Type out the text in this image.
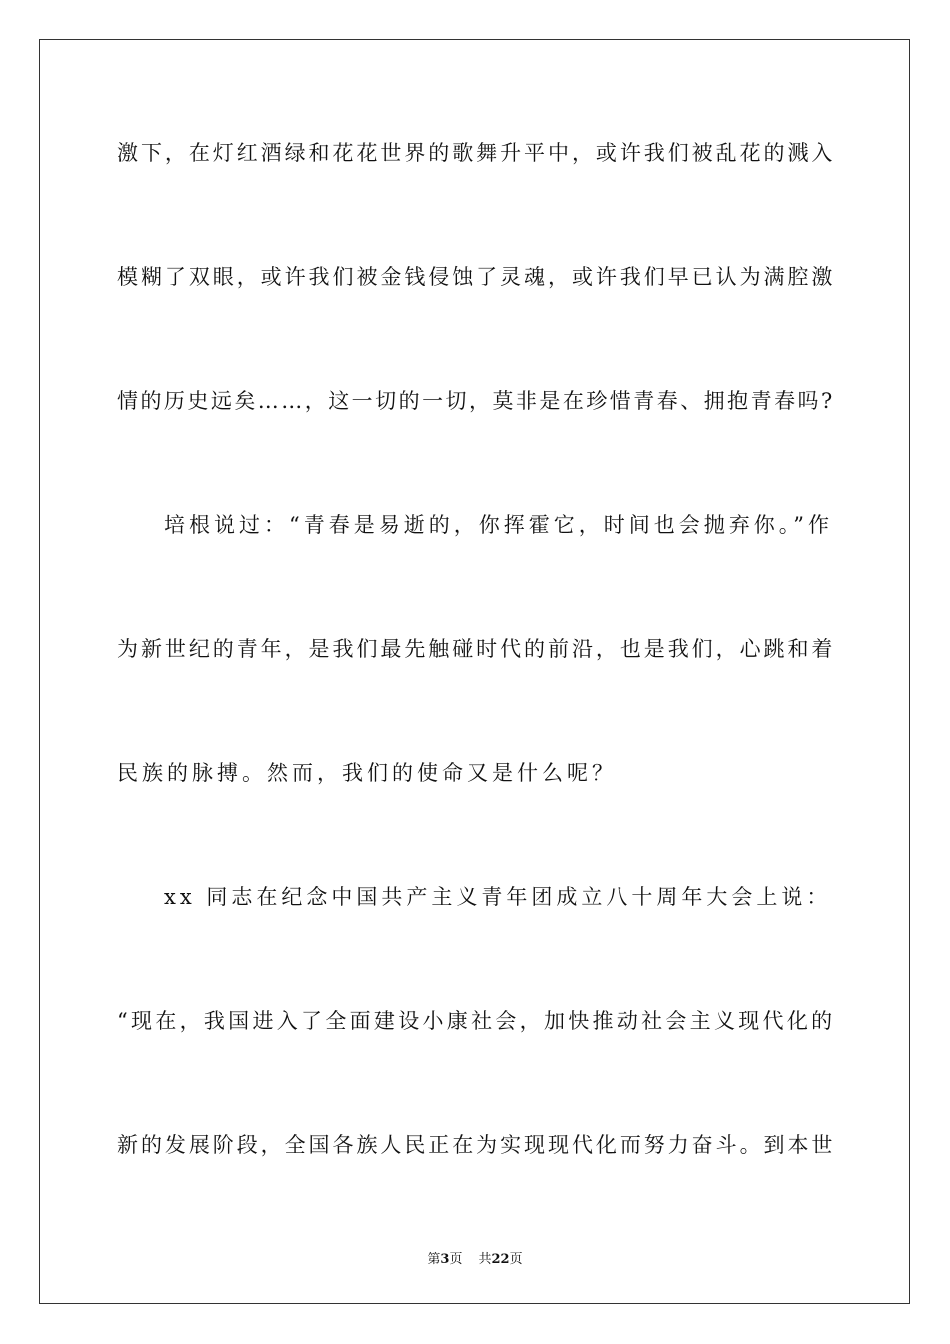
激下，在灯红酒绿和花花世界的歌舞升平中，或许我们被乱花的溅入
模糊了双眼，或许我们被金钱侵蚀了灵魂，或许我们早已认为满腔激
情的历史远矣……，这一切的一切，莫非是在珍惜青春、拥抱青春吗?
培根说过：“青春是易逝的，你挥霍它，时间也会抛弃你。”作
为新世纪的青年，是我们最先触碰时代的前沿，也是我们，心跳和着
民族的脉搏。然而，我们的使命又是什么呢？
xx 同志在纪念中国共产主义青年团成立八十周年大会上说：
“现在，我国进入了全面建设小康社会，加快推动社会主义现代化的
新的发展阶段，全国各族人民正在为实现现代化而努力奋斗。到本世
第3页 共22页
